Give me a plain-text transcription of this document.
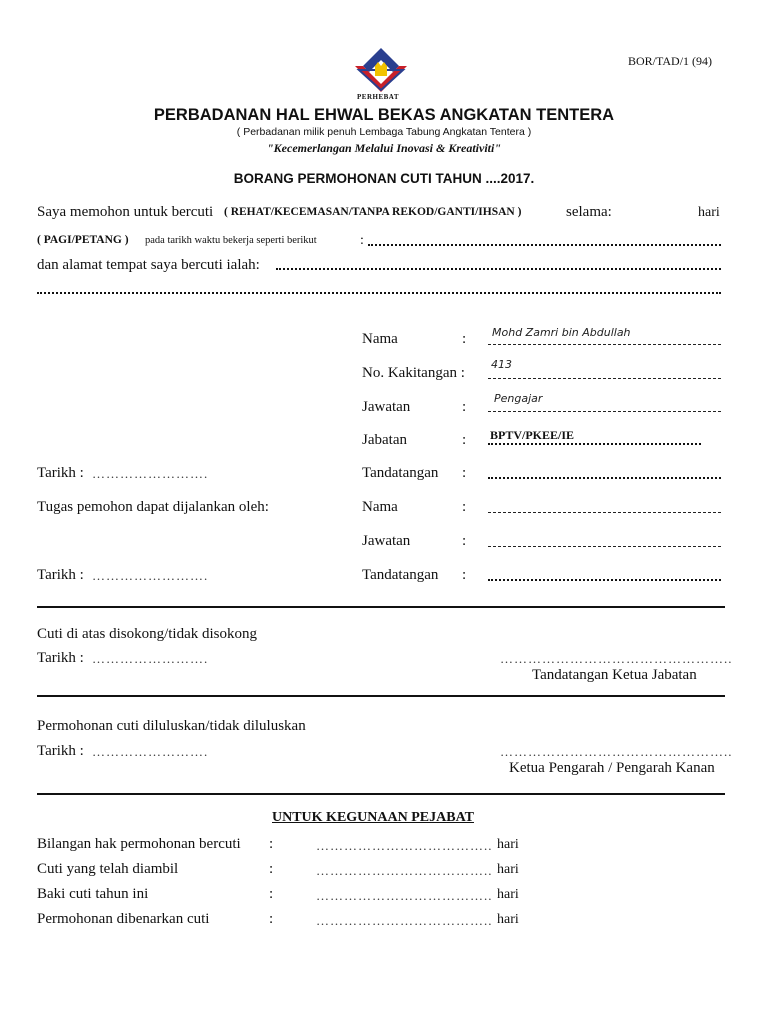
BOR/TAD/1 (94)
PERHEBAT
PERBADANAN HAL EHWAL BEKAS ANGKATAN TENTERA
( Perbadanan milik penuh Lembaga Tabung Angkatan Tentera )
"Kecemerlangan Melalui Inovasi & Kreativiti"
BORANG PERMOHONAN CUTI TAHUN ....2017.
Saya memohon untuk bercuti ( REHAT/KECEMASAN/TANPA REKOD/GANTI/IHSAN )	selama:	hari
( PAGI/PETANG ) pada tarikh waktu bekerja seperti berikut	:
dan alamat tempat saya bercuti ialah:
Nama	: Mohd Zamri bin Abdullah
No. Kakitangan :
413
Jawatan	:
Pengajar
Jabatan	: BPTV/PKEE/IE
Tarikh : …………………….	Tandatangan :
Tugas pemohon dapat dijalankan oleh:	Nama	:
Jawatan	:
Tarikh : …………………….	Tandatangan :
Cuti di atas disokong/tidak disokong
Tarikh : …………………….	…………………………………………..
Tandatangan Ketua Jabatan
Permohonan cuti diluluskan/tidak diluluskan
Tarikh : …………………….	…………………………………………..
Ketua Pengarah / Pengarah Kanan
UNTUK KEGUNAAN PEJABAT
Bilangan hak permohonan bercuti :	……………………………….. hari
Cuti yang telah diambil	:	……………………………….. hari
Baki cuti tahun ini	:	……………………………….. hari
Permohonan dibenarkan cuti	:	……………………………….. hari
